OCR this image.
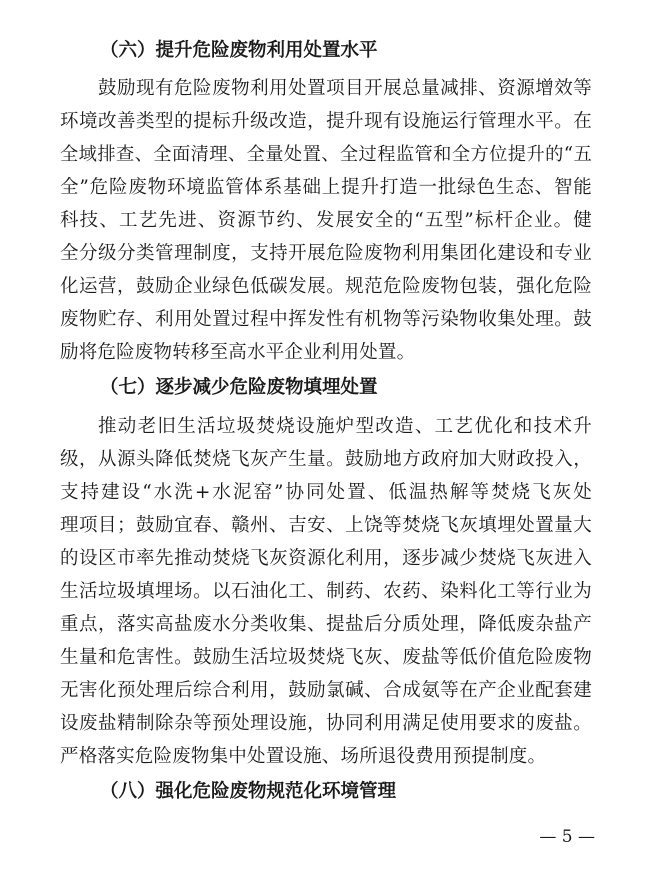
（六）提升危险废物利用处置水平
鼓励现有危险废物利用处置项目开展总量减排、资源增效等
环境改善类型的提标升级改造，提升现有设施运行管理水平。在
全域排查、全面清理、全量处置、全过程监管和全方位提升的“五
全”危险废物环境监管体系基础上提升打造一批绿色生态、智能
科技、工艺先进、资源节约、发展安全的“五型”标杆企业。健
全分级分类管理制度，支持开展危险废物利用集团化建设和专业
化运营，鼓励企业绿色低碳发展。规范危险废物包装，强化危险
废物贮存、利用处置过程中挥发性有机物等污染物收集处理。鼓
励将危险废物转移至高水平企业利用处置。
（七）逐步减少危险废物填埋处置
推动老旧生活垃圾焚烧设施炉型改造、工艺优化和技术升
级，从源头降低焚烧飞灰产生量。鼓励地方政府加大财政投入，
支持建设“水洗+水泥窑”协同处置、低温热解等焚烧飞灰处
理项目；鼓励宜春、赣州、吉安、上饶等焚烧飞灰填埋处置量大
的设区市率先推动焚烧飞灰资源化利用，逐步减少焚烧飞灰进入
生活垃圾填埋场。以石油化工、制药、农药、染料化工等行业为
重点，落实高盐废水分类收集、提盐后分质处理，降低废杂盐产
生量和危害性。鼓励生活垃圾焚烧飞灰、废盐等低价值危险废物
无害化预处理后综合利用，鼓励氯碱、合成氨等在产企业配套建
设废盐精制除杂等预处理设施，协同利用满足使用要求的废盐。
严格落实危险废物集中处置设施、场所退役费用预提制度。
（八）强化危险废物规范化环境管理
— 5 —
